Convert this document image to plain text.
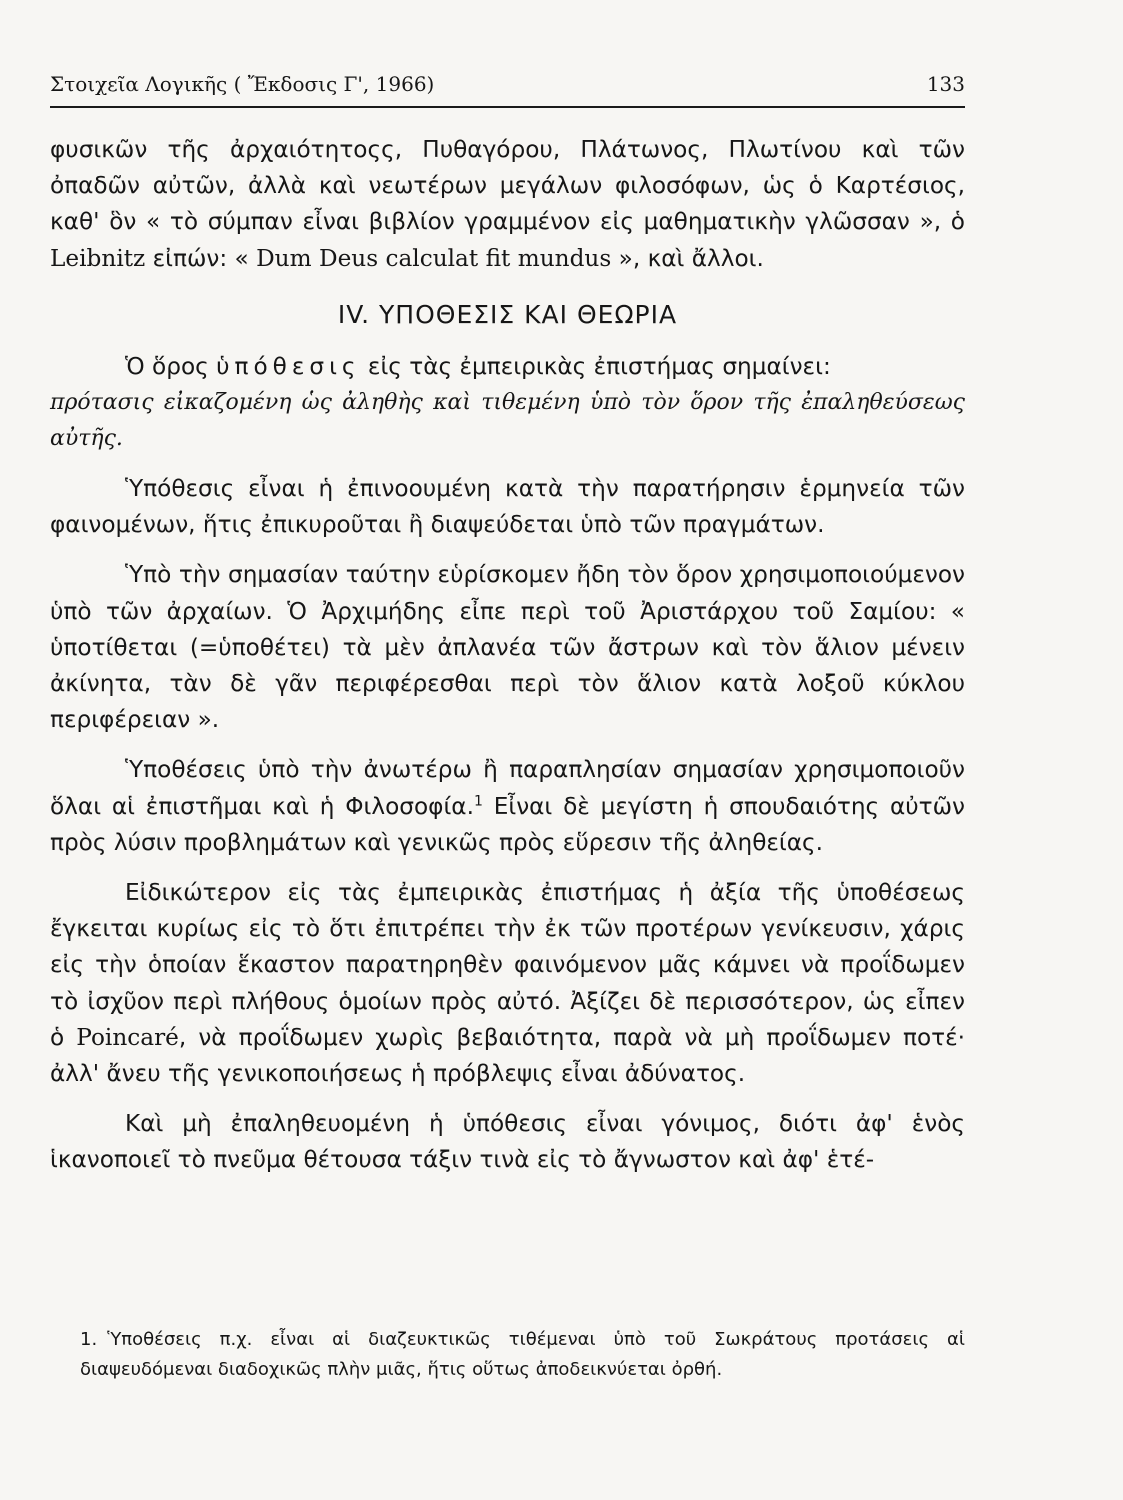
Στοιχεῖα Λογικῆς ( Ἔκδοσις Γ', 1966)	133

φυσικῶν τῆς ἀρχαιότητοςς, Πυθαγόρου, Πλάτωνος, Πλωτίνου καὶ τῶν ὀπαδῶν αὐτῶν, ἀλλὰ καὶ νεωτέρων μεγάλων φιλοσόφων, ὡς ὁ Καρτέσιος, καθ' ὃν « τὸ σύμπαν εἶναι βιβλίον γραμμένον εἰς μαθηματικὴν γλῶσσαν », ὁ Leibnitz εἰπών: « Dum Deus calculat fit mundus », καὶ ἄλλοι.

IV. ΥΠΟΘΕΣΙΣ ΚΑΙ ΘΕΩΡΙΑ

Ὁ ὅρος ὑπόθεσις εἰς τὰς ἐμπειρικὰς ἐπιστήμας σημαίνει:

πρότασις εἰκαζομένη ὡς ἀληθὴς καὶ τιθεμένη ὑπὸ τὸν ὅρον τῆς ἐπαληθεύσεως αὐτῆς.

Ὑπόθεσις εἶναι ἡ ἐπινοουμένη κατὰ τὴν παρατήρησιν ἑρμηνεία τῶν φαινομένων, ἥτις ἐπικυροῦται ἢ διαψεύδεται ὑπὸ τῶν πραγμάτων.

Ὑπὸ τὴν σημασίαν ταύτην εὑρίσκομεν ἤδη τὸν ὅρον χρησιμοποιούμενον ὑπὸ τῶν ἀρχαίων. Ὁ Ἀρχιμήδης εἶπε περὶ τοῦ Ἀριστάρχου τοῦ Σαμίου: « ὑποτίθεται (=ὑποθέτει) τὰ μὲν ἀπλανέα τῶν ἄστρων καὶ τὸν ἅλιον μένειν ἀκίνητα, τὰν δὲ γᾶν περιφέρεσθαι περὶ τὸν ἅλιον κατὰ λοξοῦ κύκλου περιφέρειαν ».

Ὑποθέσεις ὑπὸ τὴν ἀνωτέρω ἢ παραπλησίαν σημασίαν χρησιμοποιοῦν ὅλαι αἱ ἐπιστῆμαι καὶ ἡ Φιλοσοφία.$^1$ Εἶναι δὲ μεγίστη ἡ σπουδαιότης αὐτῶν πρὸς λύσιν προβλημάτων καὶ γενικῶς πρὸς εὕρεσιν τῆς ἀληθείας.

Εἰδικώτερον εἰς τὰς ἐμπειρικὰς ἐπιστήμας ἡ ἀξία τῆς ὑποθέσεως ἔγκειται κυρίως εἰς τὸ ὅτι ἐπιτρέπει τὴν ἐκ τῶν προτέρων γενίκευσιν, χάρις εἰς τὴν ὁποίαν ἕκαστον παρατηρηθὲν φαινόμενον μᾶς κάμνει νὰ προΐδωμεν τὸ ἰσχῦον περὶ πλήθους ὁμοίων πρὸς αὐτό. Ἀξίζει δὲ περισσότερον, ὡς εἶπεν ὁ Poincaré, νὰ προΐδωμεν χωρὶς βεβαιότητα, παρὰ νὰ μὴ προΐδωμεν ποτέ· ἀλλ' ἄνευ τῆς γενικοποιήσεως ἡ πρόβλεψις εἶναι ἀδύνατος.

Καὶ μὴ ἐπαληθευομένη ἡ ὑπόθεσις εἶναι γόνιμος, διότι ἀφ' ἑνὸς ἱκανοποιεῖ τὸ πνεῦμα θέτουσα τάξιν τινὰ εἰς τὸ ἄγνωστον καὶ ἀφ' ἑτέ-

1. Ὑποθέσεις π.χ. εἶναι αἱ διαζευκτικῶς τιθέμεναι ὑπὸ τοῦ Σωκράτους προτάσεις αἱ διαψευδόμεναι διαδοχικῶς πλὴν μιᾶς, ἥτις οὕτως ἀποδεικνύεται ὀρθή.
